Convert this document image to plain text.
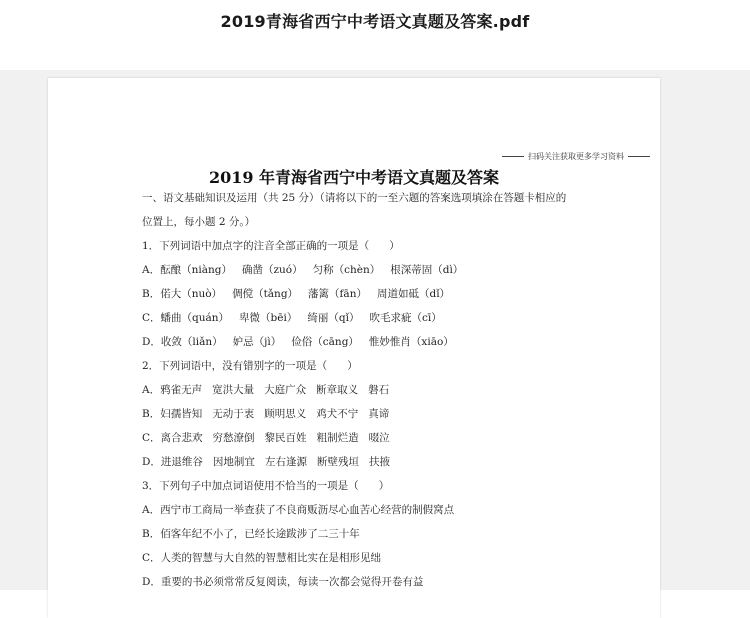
2019青海省西宁中考语文真题及答案.pdf
扫码关注获取更多学习资料
2019 年青海省西宁中考语文真题及答案
一、语文基础知识及运用（共 25 分）（请将以下的一至六题的答案选项填涂在答题卡相应的
位置上，每小题 2 分。）
1．下列词语中加点字的注音全部正确的一项是（      ）
A．酝酿（niàng）   确凿（zuó）   匀称（chèn）   根深蒂固（dì）
B．偌大（nuò）   倜傥（tǎng）   藩篱（fān）   周道如砥（dǐ）
C．蟠曲（quán）   卑微（bēi）   绮丽（qǐ）   吹毛求疵（cī）
D．收敛（liǎn）   妒忌（jì）   俭俗（cāng）   惟妙惟肖（xiāo）
2．下列词语中，没有错别字的一项是（      ）
A．鸦雀无声   宽洪大量   大庭广众   断章取义   磐石
B．妇孺皆知   无动于衷   顾明思义   鸡犬不宁   真谛
C．离合悲欢   穷愁潦倒   黎民百姓   粗制烂造   啜泣
D．进退维谷   因地制宜   左右逢源   断壁残垣   扶掖
3．下列句子中加点词语使用不恰当的一项是（      ）
A．西宁市工商局一举查获了不良商贩沥尽心血苦心经营的制假窝点
B．佰客年纪不小了，已经长途跋涉了二三十年
C．人类的智慧与大自然的智慧相比实在是相形见绌
D．重要的书必须常常反复阅读，每读一次都会觉得开卷有益
